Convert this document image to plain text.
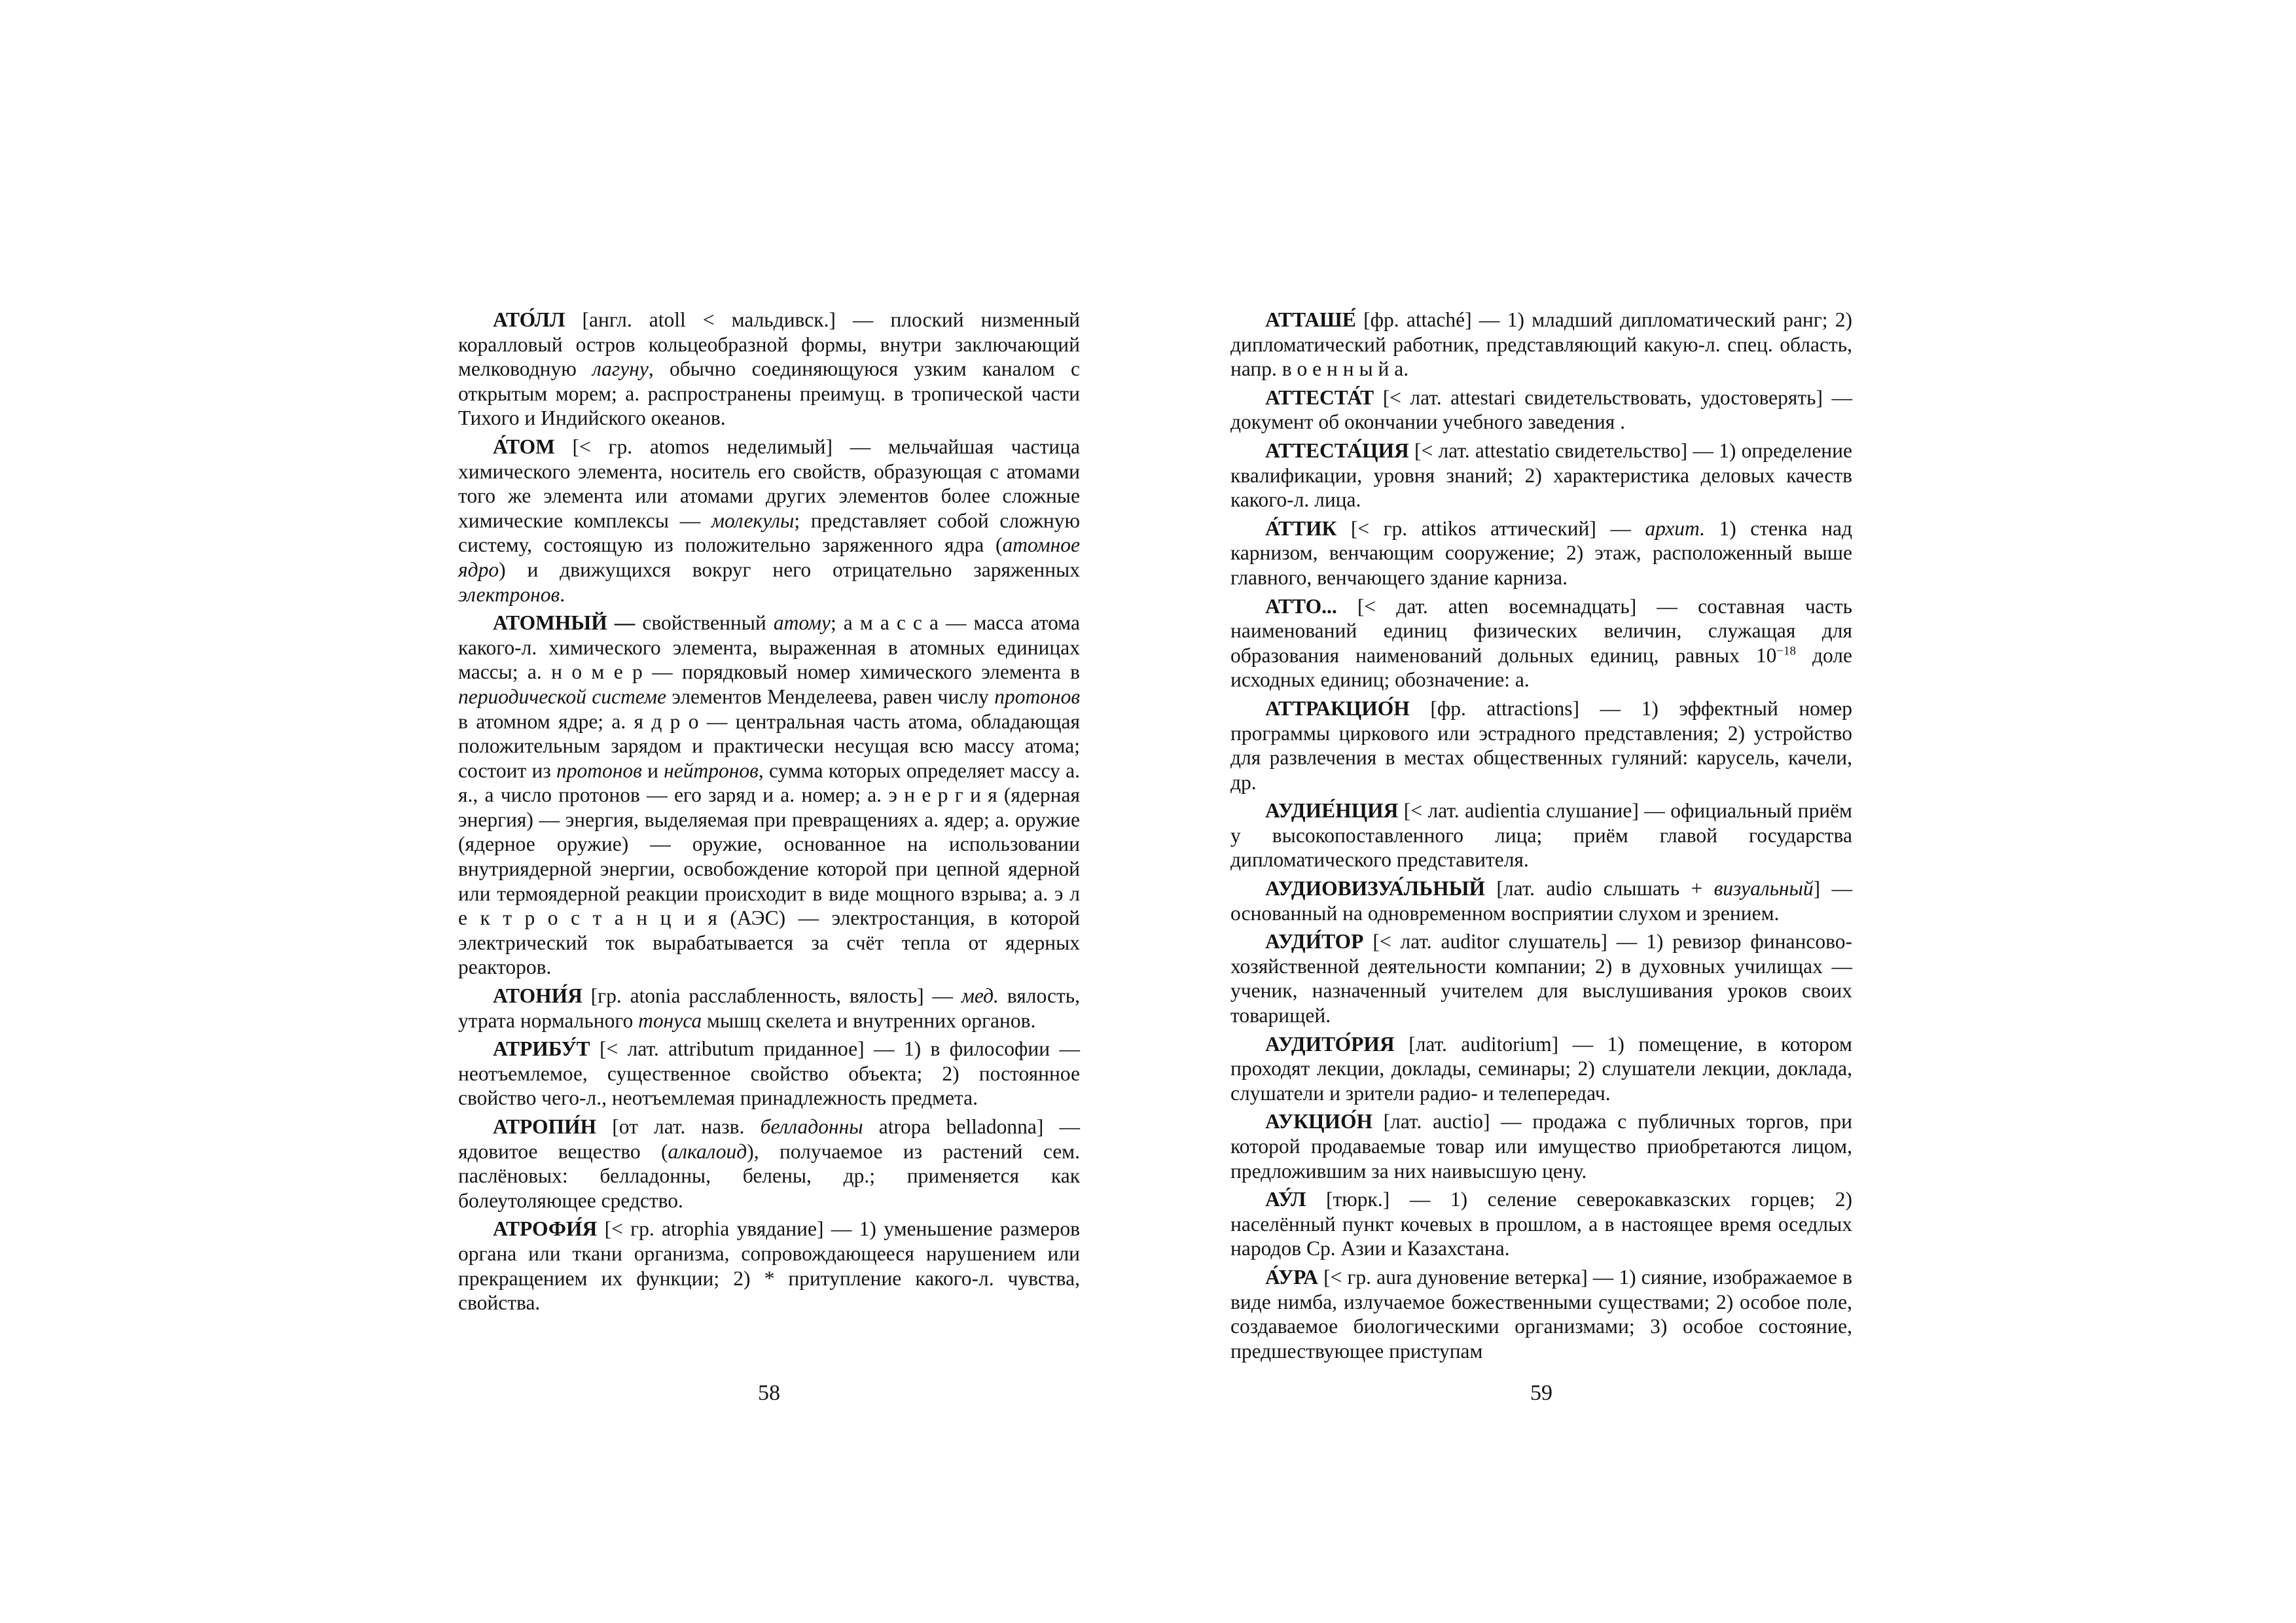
АТО́ЛЛ [англ. atoll < мальдивск.] — плоский низменный коралловый остров кольцеобразной формы, внутри заключающий мелководную лагуну, обычно соединяющуюся узким каналом с открытым морем; а. распространены преимущ. в тропической части Тихого и Индийского океанов.

А́ТОМ [< гр. atomos неделимый] — мельчайшая частица химического элемента, носитель его свойств, образующая с атомами того же элемента или атомами других элементов более сложные химические комплексы — молекулы; представляет собой сложную систему, состоящую из положительно заряженного ядра (атомное ядро) и движущихся вокруг него отрицательно заряженных электронов.

АТОМНЫЙ — свойственный атому; а м а с с а — масса атома какого-л. химического элемента, выраженная в атомных единицах массы; а. н о м е р — порядковый номер химического элемента в периодической системе элементов Менделеева, равен числу протонов в атомном ядре; а. я д р о — центральная часть атома, обладающая положительным зарядом и практически несущая всю массу атома; состоит из протонов и нейтронов, сумма которых определяет массу а. я., а число протонов — его заряд и а. номер; а. э н е р г и я (ядерная энергия) — энергия, выделяемая при превращениях а. ядер; а. оружие (ядерное оружие) — оружие, основанное на использовании внутриядерной энергии, освобождение которой при цепной ядерной или термоядерной реакции происходит в виде мощного взрыва; а. э л е к т р о с т а н ц и я (АЭС) — электростанция, в которой электрический ток вырабатывается за счёт тепла от ядерных реакторов.

АТОНИ́Я [гр. atonia расслабленность, вялость] — мед. вялость, утрата нормального тонуса мышц скелета и внутренних органов.

АТРИБУ́Т [< лат. attributum приданное] — 1) в философии — неотъемлемое, существенное свойство объекта; 2) постоянное свойство чего-л., неотъемлемая принадлежность предмета.

АТРОПИ́Н [от лат. назв. белладонны atropa belladonna] — ядовитое вещество (алкалоид), получаемое из растений сем. паслёновых: белладонны, белены, др.; применяется как болеутоляющее средство.

АТРОФИ́Я [< гр. atrophia увядание] — 1) уменьшение размеров органа или ткани организма, сопровождающееся нарушением или прекращением их функции; 2) * притупление какого-л. чувства, свойства.

58

АТТАШЕ́ [фр. attaché] — 1) младший дипломатический ранг; 2) дипломатический работник, представляющий какую-л. спец. область, напр. в о е н н ы й а.

АТТЕСТА́Т [< лат. attestari свидетельствовать, удостоверять] — документ об окончании учебного заведения .

АТТЕСТА́ЦИЯ [< лат. attestatio свидетельство] — 1) определение квалификации, уровня знаний; 2) характеристика деловых качеств какого-л. лица.

А́ТТИК [< гр. attikos аттический] — архит. 1) стенка над карнизом, венчающим сооружение; 2) этаж, расположенный выше главного, венчающего здание карниза.

АТТО... [< дат. atten восемнадцать] — составная часть наименований единиц физических величин, служащая для образования наименований дольных единиц, равных $10^{-18}$ доле исходных единиц; обозначение: а.

АТТРАКЦИО́Н [фр. attractions] — 1) эффектный номер программы циркового или эстрадного представления; 2) устройство для развлечения в местах общественных гуляний: карусель, качели, др.

АУДИЕ́НЦИЯ [< лат. audientia слушание] — официальный приём у высокопоставленного лица; приём главой государства дипломатического представителя.

АУДИОВИЗУА́ЛЬНЫЙ [лат. audio слышать + визуальный] — основанный на одновременном восприятии слухом и зрением.

АУДИ́ТОР [< лат. auditor слушатель] — 1) ревизор финансово-хозяйственной деятельности компании; 2) в духовных училищах — ученик, назначенный учителем для выслушивания уроков своих товарищей.

АУДИТО́РИЯ [лат. auditorium] — 1) помещение, в котором проходят лекции, доклады, семинары; 2) слушатели лекции, доклада, слушатели и зрители радио- и телепередач.

АУКЦИО́Н [лат. auctio] — продажа с публичных торгов, при которой продаваемые товар или имущество приобретаются лицом, предложившим за них наивысшую цену.

АУ́Л [тюрк.] — 1) селение северокавказских горцев; 2) населённый пункт кочевых в прошлом, а в настоящее время оседлых народов Ср. Азии и Казахстана.

А́УРА [< гр. aura дуновение ветерка] — 1) сияние, изображаемое в виде нимба, излучаемое божественными существами; 2) особое поле, создаваемое биологическими организмами; 3) особое состояние, предшествующее приступам

59
